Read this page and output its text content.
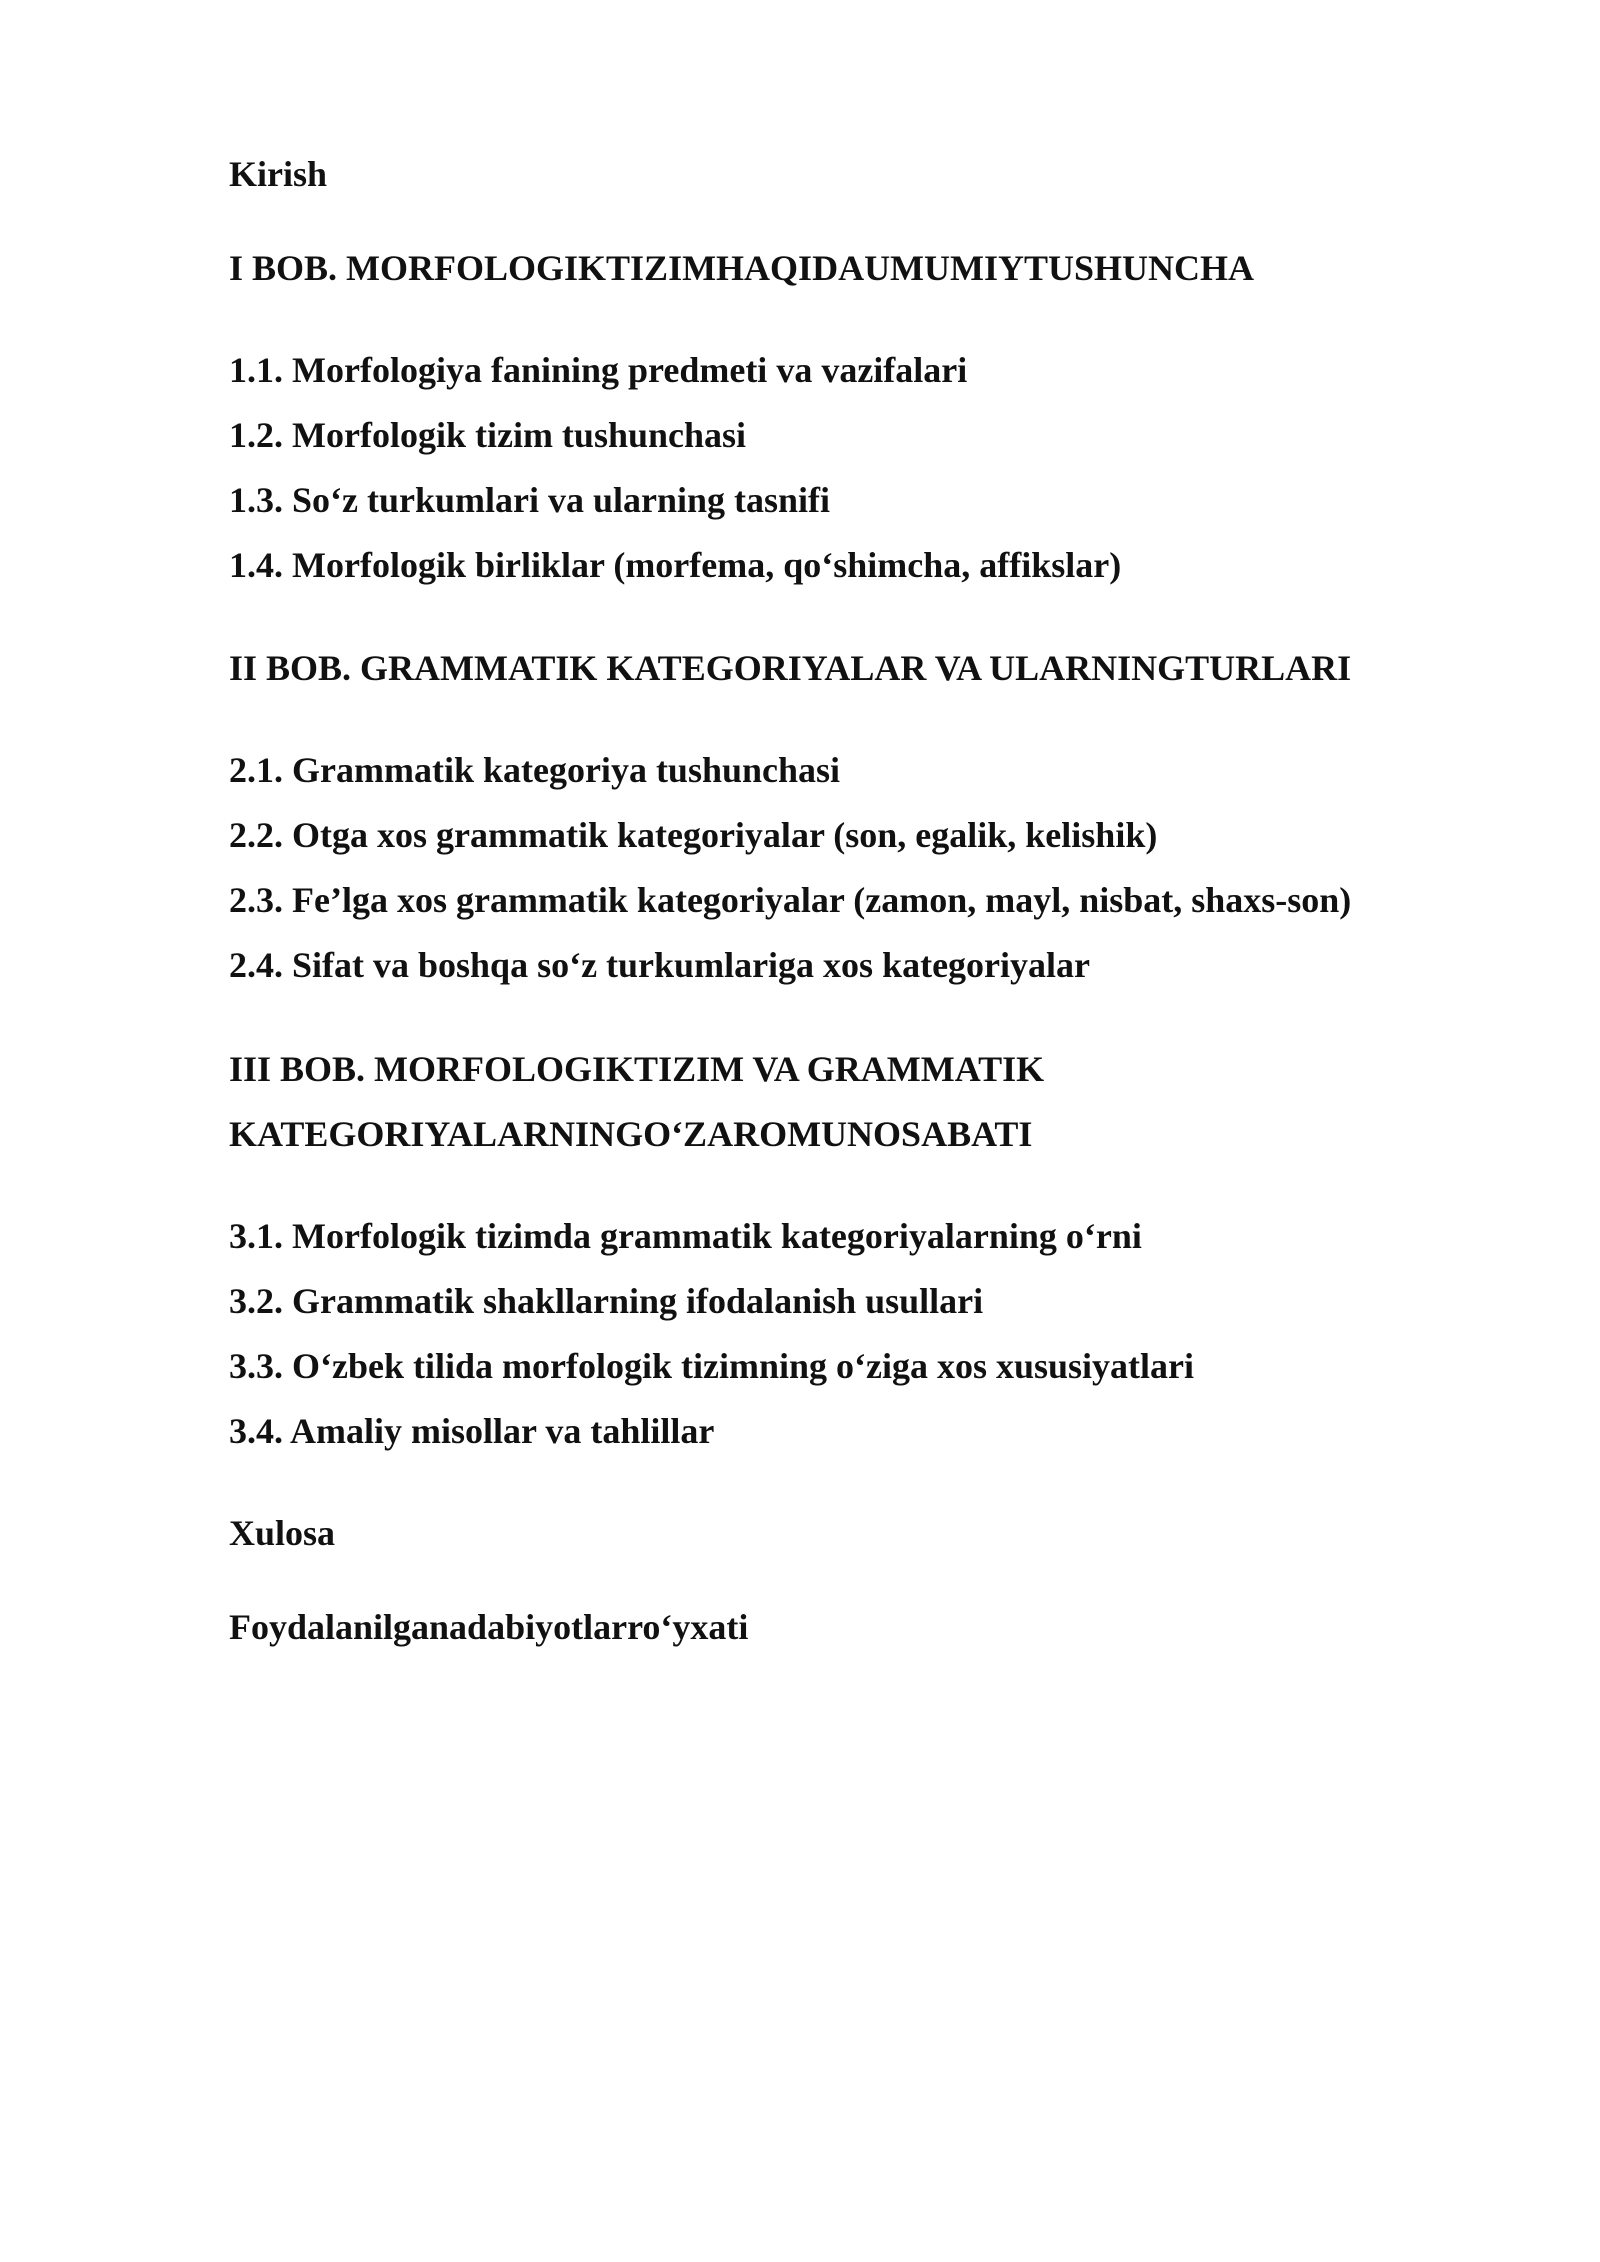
Kirish
I BOB. MORFOLOGIKTIZIMHAQIDAUMUMIYTUSHUNCHA
1.1. Morfologiya fanining predmeti va vazifalari
1.2. Morfologik tizim tushunchasi
1.3. So‘z turkumlari va ularning tasnifi
1.4. Morfologik birliklar (morfema, qo‘shimcha, affikslar)
II BOB. GRAMMATIK KATEGORIYALAR VA ULARNINGTURLARI
2.1. Grammatik kategoriya tushunchasi
2.2. Otga xos grammatik kategoriyalar (son, egalik, kelishik)
2.3. Fe’lga xos grammatik kategoriyalar (zamon, mayl, nisbat, shaxs-son)
2.4. Sifat va boshqa so‘z turkumlariga xos kategoriyalar
III BOB. MORFOLOGIKTIZIM VA GRAMMATIK
KATEGORIYALARNINGO‘ZAROMUNOSABATI
3.1. Morfologik tizimda grammatik kategoriyalarning o‘rni
3.2. Grammatik shakllarning ifodalanish usullari
3.3. O‘zbek tilida morfologik tizimning o‘ziga xos xususiyatlari
3.4. Amaliy misollar va tahlillar
Xulosa
Foydalanilganadabiyotlarro‘yxati
